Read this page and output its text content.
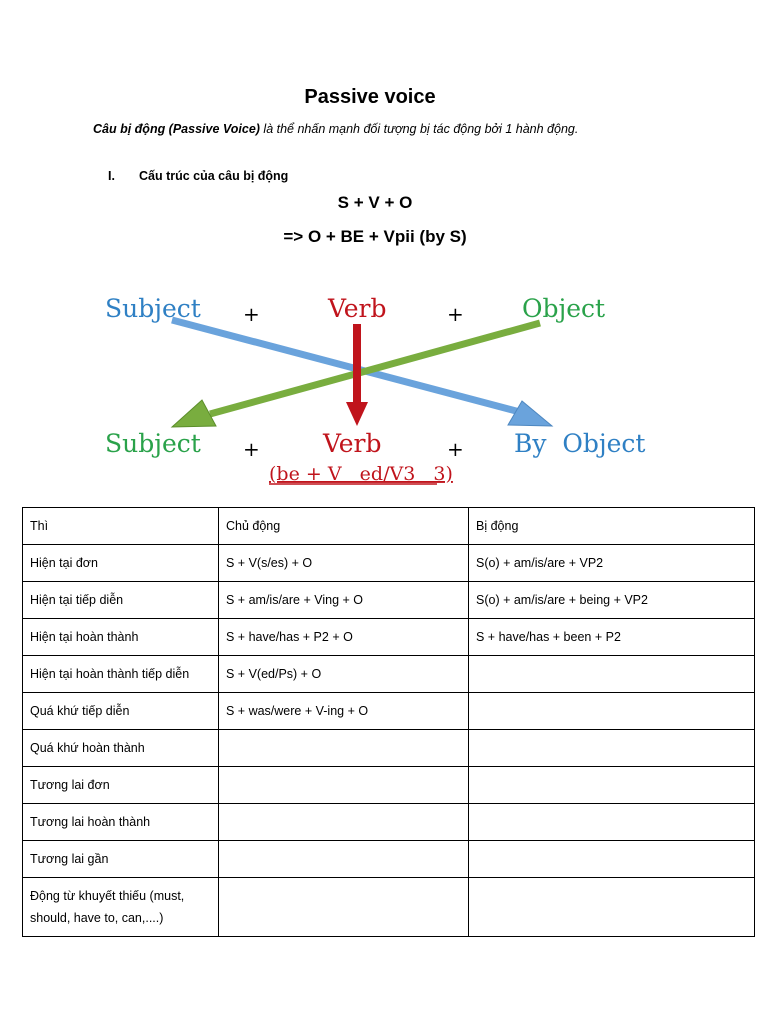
Passive voice
Câu bị động (Passive Voice) là thể nhấn mạnh đối tượng bị tác động bởi 1 hành động.
I. Cấu trúc của câu bị động
S + V + O
=> O + BE + Vpii (by S)
Subject +	Verb	+ Object
Subject +	Verb	+ By  Object
(be + V   ed/V3   3)
Thì	Chủ động	Bị động
Hiện tại đơn	S + V(s/es) + O	S(o) + am/is/are + VP2
Hiện tại tiếp diễn	S + am/is/are + Ving + O	S(o) + am/is/are + being + VP2
Hiện tại hoàn thành	S + have/has + P2 + O	S + have/has + been + P2
Hiện tại hoàn thành tiếp diễn	S + V(ed/Ps) + O	
Quá khứ tiếp diễn	S + was/were + V-ing + O	
Quá khứ hoàn thành		
Tương lai đơn		
Tương lai hoàn thành		
Tương lai gần		
Động từ khuyết thiếu (must, should, have to, can,....)		
